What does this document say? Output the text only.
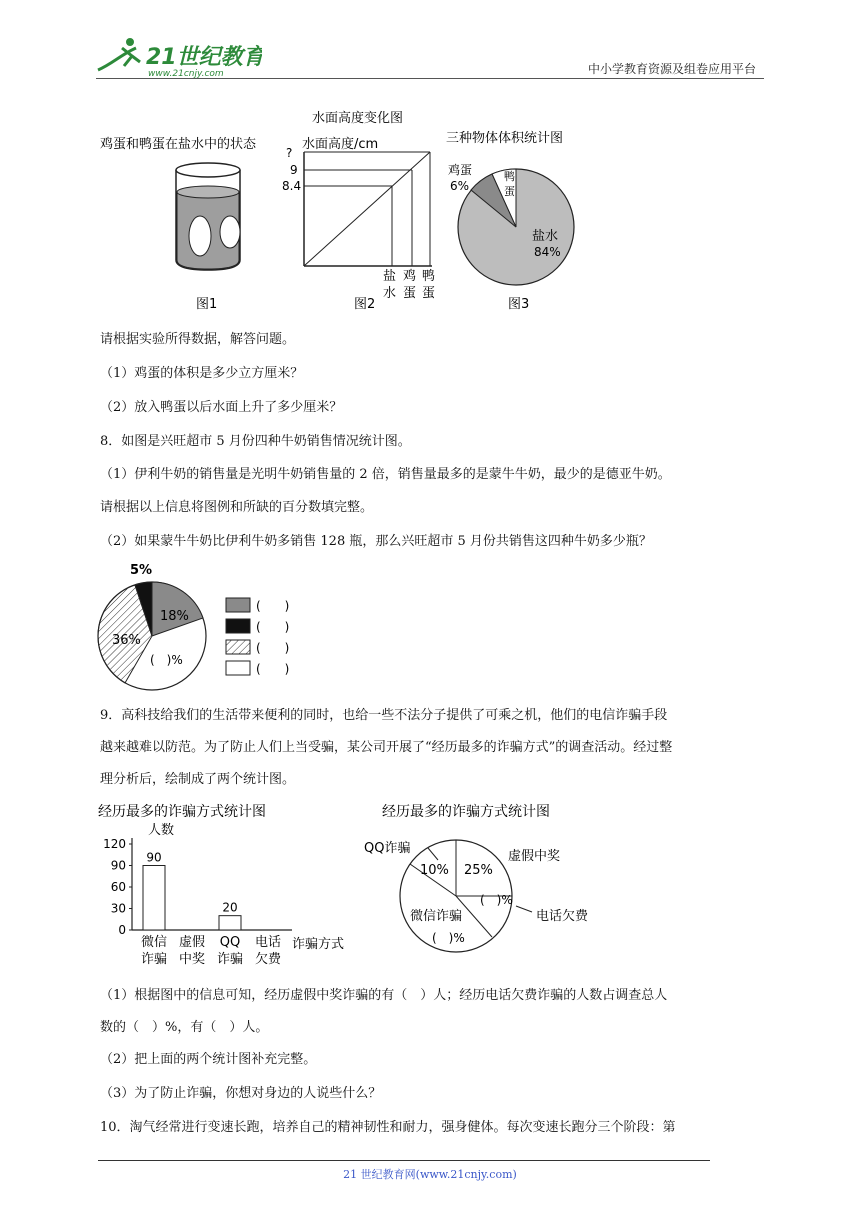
21世纪教育
www.21cnjy.com	中小学教育资源及组卷应用平台
鸡蛋和鸭蛋在盐水中的状态
图1
水面高度变化图
水面高度/cm
?
9
8.4
盐
水
鸡
蛋
鸭
蛋
图2
三种物体体积统计图
鸡蛋
6%
鸭
蛋
盐水
84%
图3
请根据实验所得数据，解答问题。
（1）鸡蛋的体积是多少立方厘米？
（2）放入鸭蛋以后水面上升了多少厘米？
8．如图是兴旺超市 5 月份四种牛奶销售情况统计图。
（1）伊利牛奶的销售量是光明牛奶销售量的 2 倍，销售量最多的是蒙牛牛奶，最少的是德亚牛奶。
请根据以上信息将图例和所缺的百分数填完整。
（2）如果蒙牛牛奶比伊利牛奶多销售 128 瓶，那么兴旺超市 5 月份共销售这四种牛奶多少瓶？
5%
18%
36%
(　)%
(　　)
(　　)
(　　)
(　　)
9．高科技给我们的生活带来便利的同时，也给一些不法分子提供了可乘之机，他们的电信诈骗手段
越来越难以防范。为了防止人们上当受骗，某公司开展了“经历最多的诈骗方式”的调查活动。经过整
理分析后，绘制成了两个统计图。
经历最多的诈骗方式统计图
人数
0
30
60
90
120
90
微信
诈骗
虚假
中奖
20
QQ
诈骗
电话
欠费
诈骗方式
经历最多的诈骗方式统计图
QQ诈骗
10%
虚假中奖
25%
电话欠费
(　)%
微信诈骗
(　)%
（1）根据图中的信息可知，经历虚假中奖诈骗的有（　）人；经历电话欠费诈骗的人数占调查总人
数的（　）%，有（　）人。
（2）把上面的两个统计图补充完整。
（3）为了防止诈骗，你想对身边的人说些什么？
10．淘气经常进行变速长跑，培养自己的精神韧性和耐力，强身健体。每次变速长跑分三个阶段：第
21 世纪教育网(www.21cnjy.com)
